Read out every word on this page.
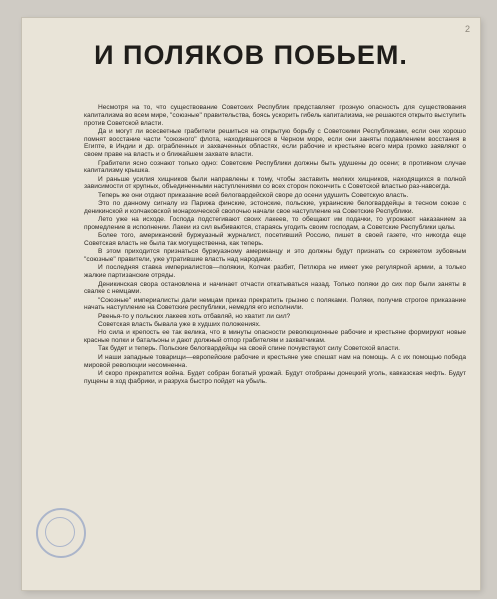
2
И ПОЛЯКОВ ПОБЬЕМ.

Несмотря на то, что существование Советских Республик представляет грозную опасность для существования капитализма во всем мире, "союзные" правительства, боясь ускорить гибель капитализма, не решаются открыто выступить против Советской власти.

Да и могут ли всесветные грабители решиться на открытую борьбу с Советскими Республиками, если они хорошо помнят восстание части "союзного" флота, находившегося в Черном море, если они заняты подавлением восстания в Египте, в Индии и др. ограбленных и захваченных областях, если рабочие и крестьяне всего мира громко заявляют о своем праве на власть и о ближайшем захвате власти.

Грабители ясно сознают только одно: Советские Республики должны быть удушены до осени; в противном случае капитализму крышка.

И раньше усилия хищников были направлены к тому, чтобы заставить мелких хищников, находящихся в полной зависимости от крупных, объединенными наступлениями со всех сторон покончить с Советской властью раз-навсегда.

Теперь же они отдают приказание всей белогвардейской своре до осени удушить Советскую власть.

Это по данному сигналу из Парижа финские, эстонские, польские, украинские белогвардейцы в тесном союзе с деникинской и колчаковской монархической сволочью начали свое наступление на Советские Республики.

Лето уже на исходе. Господа подстегивают своих лакеев, то обещают им подачки, то угрожают наказанием за промедление в исполнении. Лакеи из сил выбиваются, стараясь угодить своим господам, а Советские Республики целы.

Более того, американский буржуазный журналист, посетивший Россию, пишет в своей газете, что никогда еще Советская власть не была так могущественна, как теперь.

В этом приходится признаться буржуазному американцу и это должны будут признать со скрежетом зубовным "союзные" правители, уже утратившие власть над народами.

И последняя ставка империалистов—полякии, Колчак разбит, Петлюра не имеет уже регулярной армии, а только жалкие партизанские отряды.

Деникинская свора остановлена и начинает отчасти откатываться назад. Только поляки до сих пор были заняты в свалке с немцами.

"Союзные" империалисты дали немцам приказ прекратить грызню с поляками. Поляки, получив строгое приказание начать наступление на Советские республики, немедля его исполнили.

Рвенья-то у польских лакеев хоть отбавляй, но хватит ли сил?

Советская власть бывала уже в худших положениях.

Но сила и крепость ее так велика, что в минуты опасности революционные рабочие и крестьяне формируют новые красные полки и батальоны и дают должный отпор грабителям и захватчикам.

Так будет и теперь. Польские белогвардейцы на своей спине почувствуют силу Советской власти.

И наши западные товарищи—европейские рабочие и крестьяне уже спешат нам на помощь. А с их помощью победа мировой революции несомненна.

И скоро прекратится война. Будет собран богатый урожай. Будут отобраны донецкий уголь, кавказская нефть. Будут пущены в ход фабрики, и разруха быстро пойдет на убыль.
